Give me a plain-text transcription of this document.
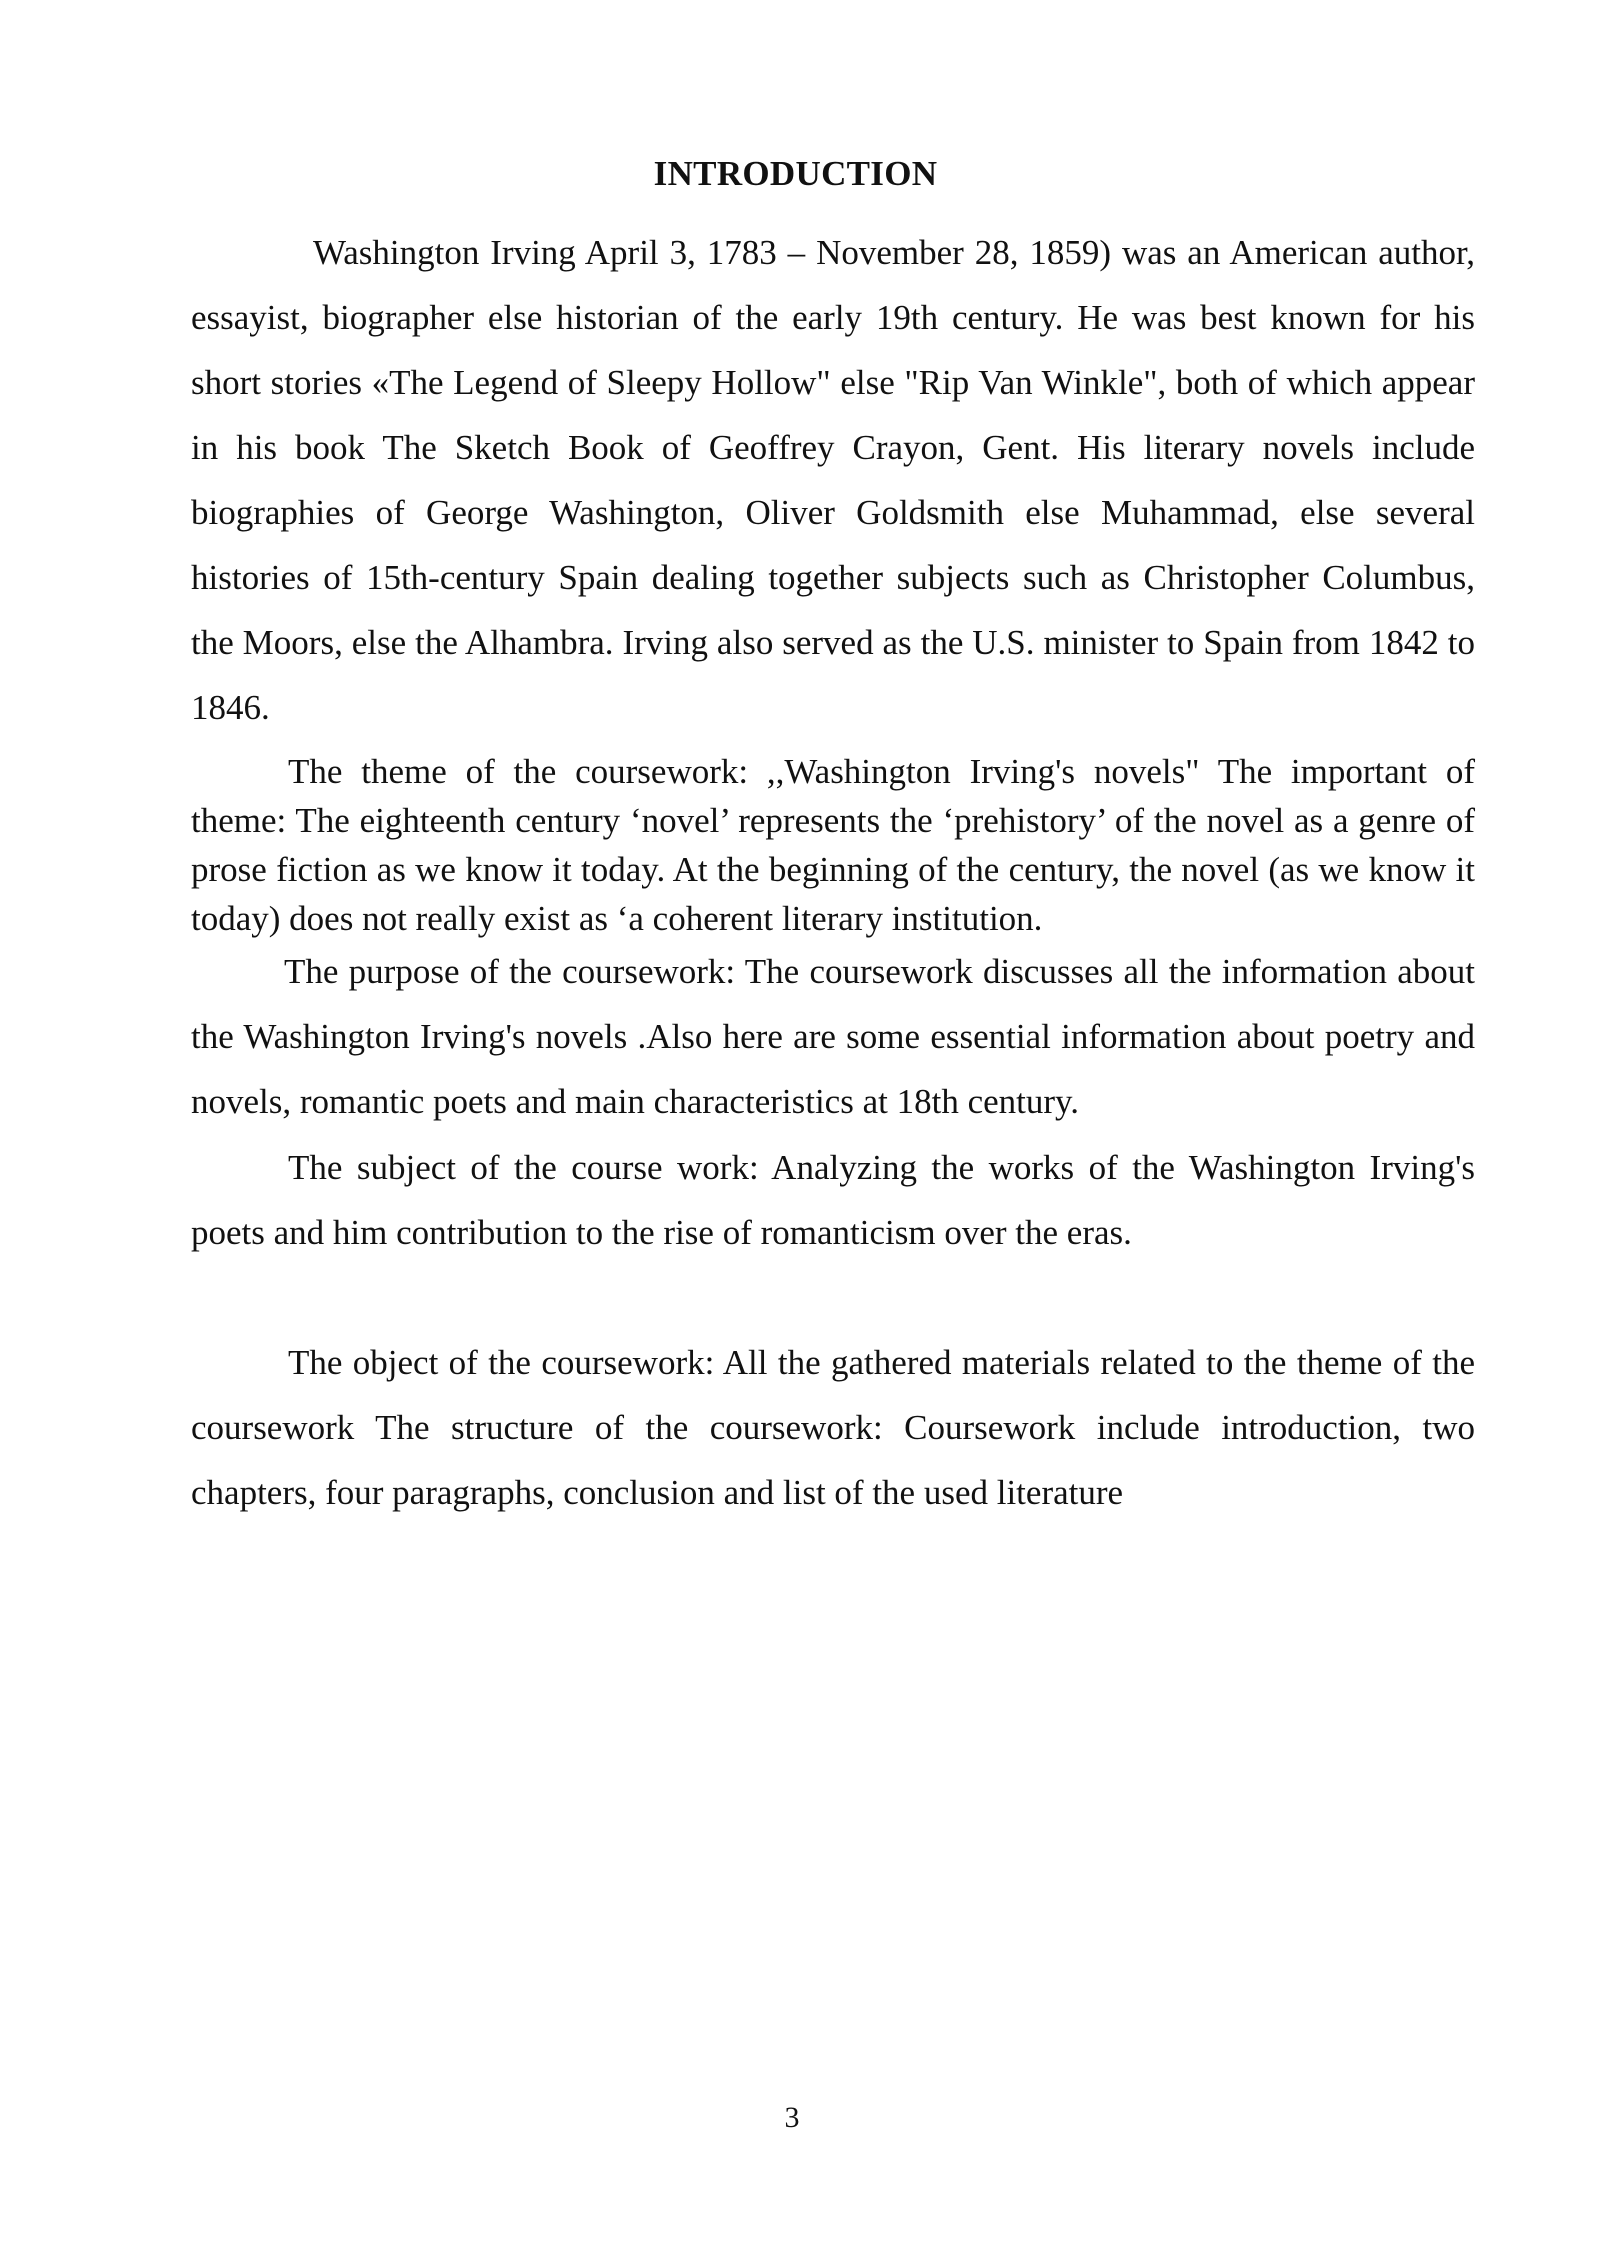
INTRODUCTION

Washington Irving April 3, 1783 – November 28, 1859) was an American author, essayist, biographer else historian of the early 19th century. He was best known for his short stories «The Legend of Sleepy Hollow" else "Rip Van Winkle", both of which appear in his book The Sketch Book of Geoffrey Crayon, Gent. His literary novels include biographies of George Washington, Oliver Goldsmith else Muhammad, else several histories of 15th-century Spain dealing together subjects such as Christopher Columbus, the Moors, else the Alhambra. Irving also served as the U.S. minister to Spain from 1842 to 1846.

The theme of the coursework: ,,Washington Irving's novels" The important of theme: The eighteenth century ‘novel’ represents the ‘prehistory’ of the novel as a genre of prose fiction as we know it today. At the beginning of the century, the novel (as we know it today) does not really exist as ‘a coherent literary institution.

The purpose of the coursework: The coursework discusses all the information about the Washington Irving's novels .Also here are some essential information about poetry and novels, romantic poets and main characteristics at 18th century.

The subject of the course work: Analyzing the works of the Washington Irving's poets and him contribution to the rise of romanticism over the eras.

The object of the coursework: All the gathered materials related to the theme of the coursework The structure of the coursework: Coursework include introduction, two chapters, four paragraphs, conclusion and list of the used literature

3
